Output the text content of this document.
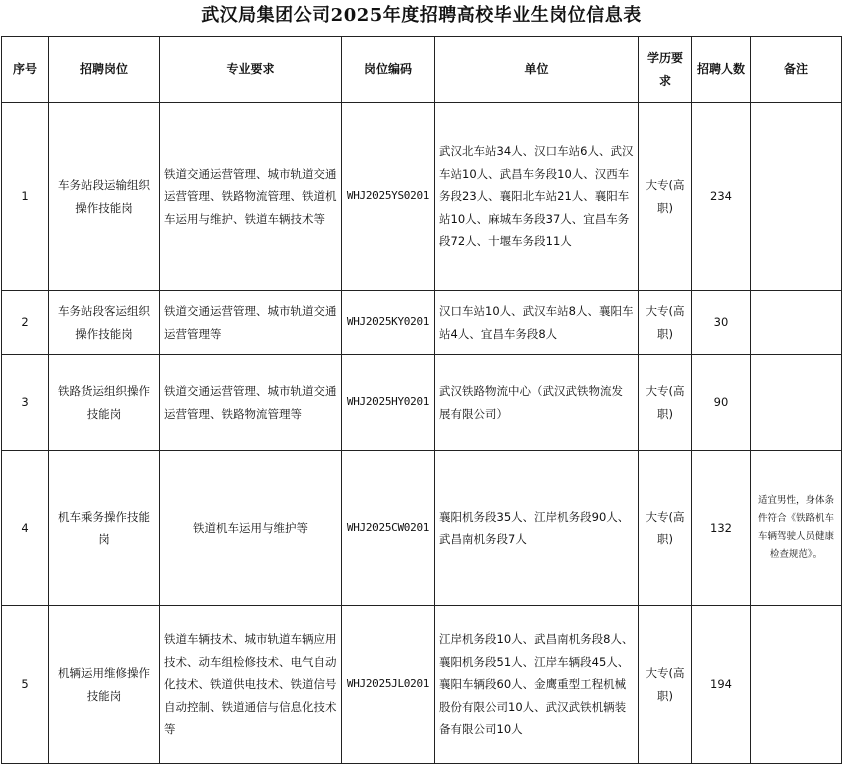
武汉局集团公司2025年度招聘高校毕业生岗位信息表
序号	招聘岗位	专业要求	岗位编码	单位	学历要求	招聘人数	备注
1	车务站段运输组织操作技能岗	铁道交通运营管理、城市轨道交通运营管理、铁路物流管理、铁道机车运用与维护、铁道车辆技术等	WHJ2025YS0201	武汉北车站34人、汉口车站6人、武汉车站10人、武昌车务段10人、汉西车务段23人、襄阳北车站21人、襄阳车站10人、麻城车务段37人、宜昌车务段72人、十堰车务段11人	大专(高职)	234	
2	车务站段客运组织操作技能岗	铁道交通运营管理、城市轨道交通运营管理等	WHJ2025KY0201	汉口车站10人、武汉车站8人、襄阳车站4人、宜昌车务段8人	大专(高职)	30	
3	铁路货运组织操作技能岗	铁道交通运营管理、城市轨道交通运营管理、铁路物流管理等	WHJ2025HY0201	武汉铁路物流中心（武汉武铁物流发展有限公司）	大专(高职)	90	
4	机车乘务操作技能岗	铁道机车运用与维护等	WHJ2025CW0201	襄阳机务段35人、江岸机务段90人、武昌南机务段7人	大专(高职)	132	适宜男性，身体条件符合《铁路机车车辆驾驶人员健康检查规范》。
5	机辆运用维修操作技能岗	铁道车辆技术、城市轨道车辆应用技术、动车组检修技术、电气自动化技术、铁道供电技术、铁道信号自动控制、铁道通信与信息化技术等	WHJ2025JL0201	江岸机务段10人、武昌南机务段8人、襄阳机务段51人、江岸车辆段45人、襄阳车辆段60人、金鹰重型工程机械股份有限公司10人、武汉武铁机辆装备有限公司10人	大专(高职)	194	
